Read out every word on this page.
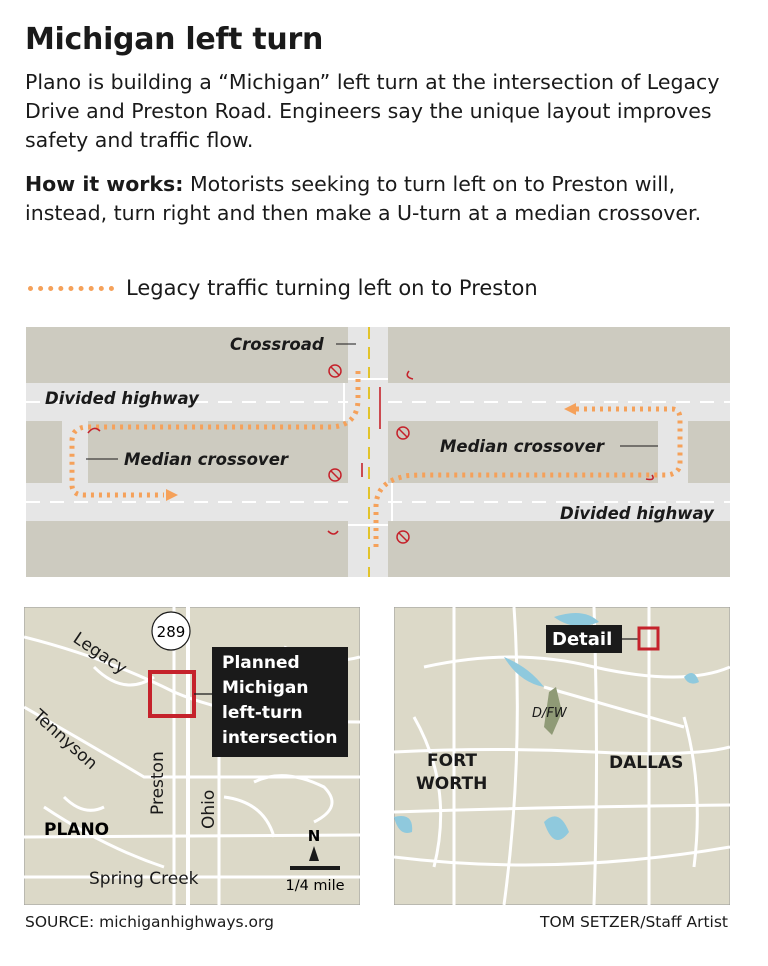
Michigan left turn
Plano is building a “Michigan” left turn at the intersection of Legacy Drive and Preston Road. Engineers say the unique layout improves safety and traffic flow.
How it works: Motorists seeking to turn left on to Preston will, instead, turn right and then make a U-turn at a median crossover.
Legacy traffic turning left on to Preston
Crossroad
Divided highway
Median crossover
Median crossover
Divided highway
289
Planned
Michigan
left-turn
intersection
Legacy
Tennyson
Preston Ohio
Spring Creek
PLANO	N
1/4 mile
D/FW
Detail
FORT
WORTH
DALLAS
SOURCE: michiganhighways.org	TOM SETZER/Staff Artist
